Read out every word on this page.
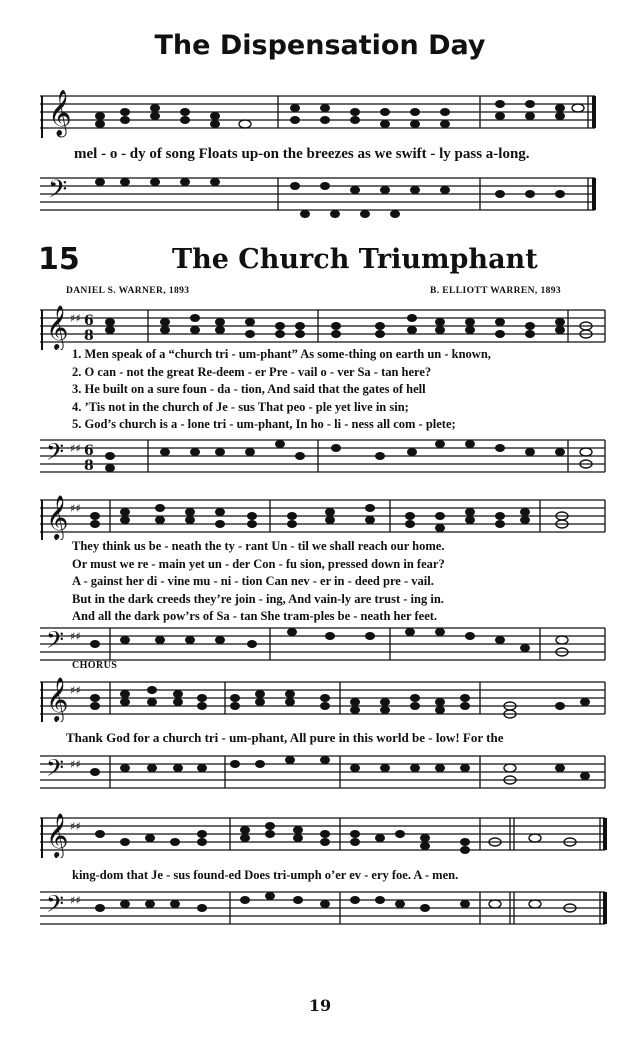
The Dispensation Day
𝄞
mel - o - dy of song Floats up-on the breezes as we swift - ly pass a-long.
𝄢
15	The Church Triumphant
DANIEL S. WARNER, 1893	B. ELLIOTT WARREN, 1893
𝄞 ♯♯ 6
8
1. Men speak of a “church tri - um-phant” As some-thing on earth un - known,
2. O can - not the great Re-deem - er Pre - vail o - ver Sa - tan here?
3. He built on a sure foun - da - tion, And said that the gates of hell
4. ’Tis not in the church of Je - sus That peo - ple yet live in sin;
5. God’s church is a - lone tri - um-phant, In ho - li - ness all com - plete;
𝄢 ♯♯ 6
8
𝄞 ♯♯
They think us be - neath the ty - rant Un - til we shall reach our home.
Or must we re - main yet un - der Con - fu sion, pressed down in fear?
A - gainst her di - vine mu - ni - tion Can nev - er in - deed pre - vail.
But in the dark creeds they’re join - ing, And vain-ly are trust - ing in.
And all the dark pow’rs of Sa - tan She tram-ples be - neath her feet.
𝄢 ♯♯
CHORUS
𝄞 ♯♯
Thank God for a church tri - um-phant, All pure in this world be - low! For the
𝄢 ♯♯
𝄞 ♯♯
king-dom that Je - sus found-ed Does tri-umph o’er ev - ery foe. A - men.
𝄢 ♯♯
19
